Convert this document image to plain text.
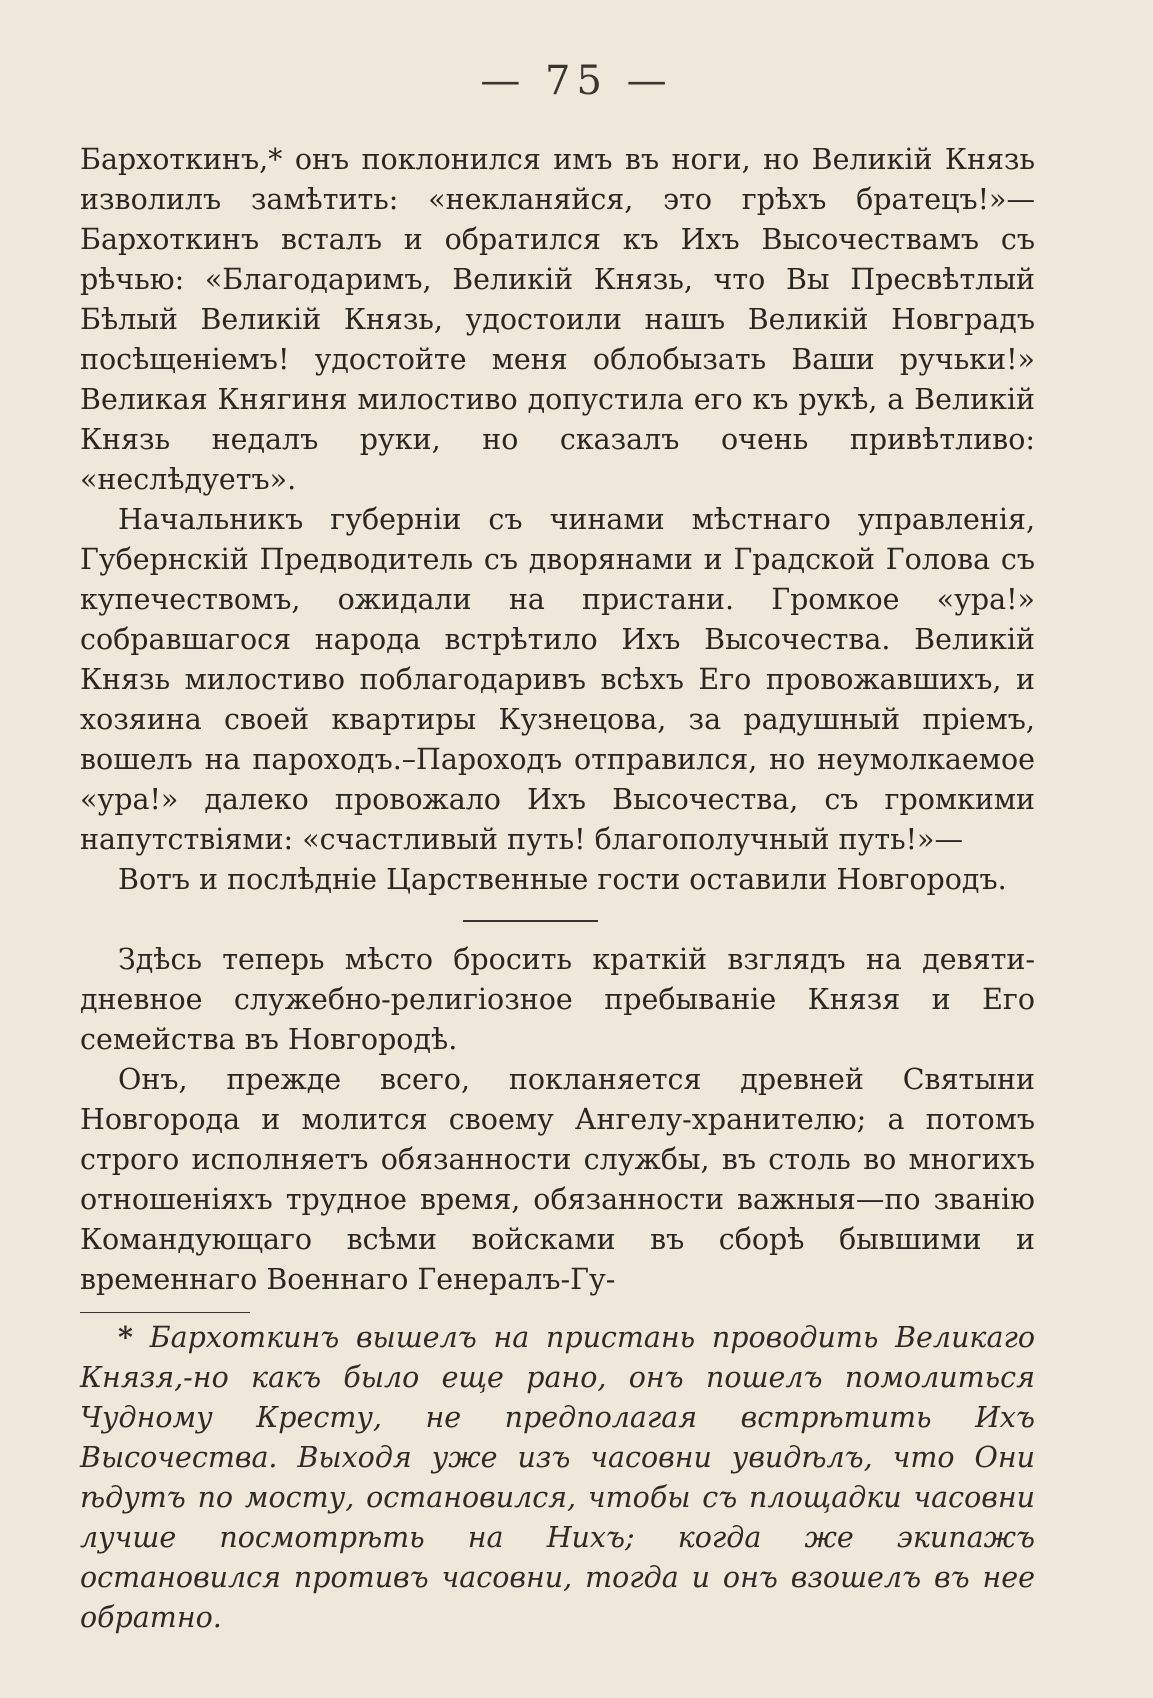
— 75 —

Бархоткинъ,* онъ поклонился имъ въ ноги, но Великій Князь изволилъ замѣтить: «некланяйся, это грѣхъ братецъ!»—Бархоткинъ всталъ и обратился къ Ихъ Высочествамъ съ рѣчью: «Благодаримъ, Великій Князь, что Вы Пресвѣтлый Бѣлый Великій Князь, удостоили нашъ Великій Новградъ посѣщеніемъ! удостойте меня облобызать Ваши ручьки!» Великая Княгиня милостиво допустила его къ рукѣ, а Великій Князь недалъ руки, но сказалъ очень привѣтливо: «неслѣдуетъ».

Начальникъ губерніи съ чинами мѣстнаго управленія, Губернскій Предводитель съ дворянами и Градской Голова съ купечествомъ, ожидали на пристани. Громкое «ура!» собравшагося народа встрѣтило Ихъ Высочества. Великій Князь милостиво поблагодаривъ всѣхъ Его провожавшихъ, и хозяина своей квартиры Кузнецова, за радушный пріемъ, вошелъ на пароходъ.–Пароходъ отправился, но неумолкаемое «ура!» далеко провожало Ихъ Высочества, съ громкими напутствіями: «счастливый путь! благополучный путь!»—

Вотъ и послѣдніе Царственные гости оставили Новгородъ.

Здѣсь теперь мѣсто бросить краткій взглядъ на девяти-дневное служебно-религіозное пребываніе Князя и Его семейства въ Новгородѣ.

Онъ, прежде всего, покланяется древней Святыни Новгорода и молится своему Ангелу-хранителю; а потомъ строго исполняетъ обязанности службы, въ столь во многихъ отношеніяхъ трудное время, обязанности важныя—по званію Командующаго всѣми войсками въ сборѣ бывшими и временнаго Военнаго Генералъ-Гу-

* Бархоткинъ вышелъ на пристань проводить Великаго Князя,-но какъ было еще рано, онъ пошелъ помолиться Чудному Кресту, не предполагая встрѣтить Ихъ Высочества. Выходя уже изъ часовни увидѣлъ, что Они ѣдутъ по мосту, остановился, чтобы съ площадки часовни лучше посмотрѣть на Нихъ; когда же экипажъ остановился противъ часовни, тогда и онъ взошелъ въ нее обратно.
